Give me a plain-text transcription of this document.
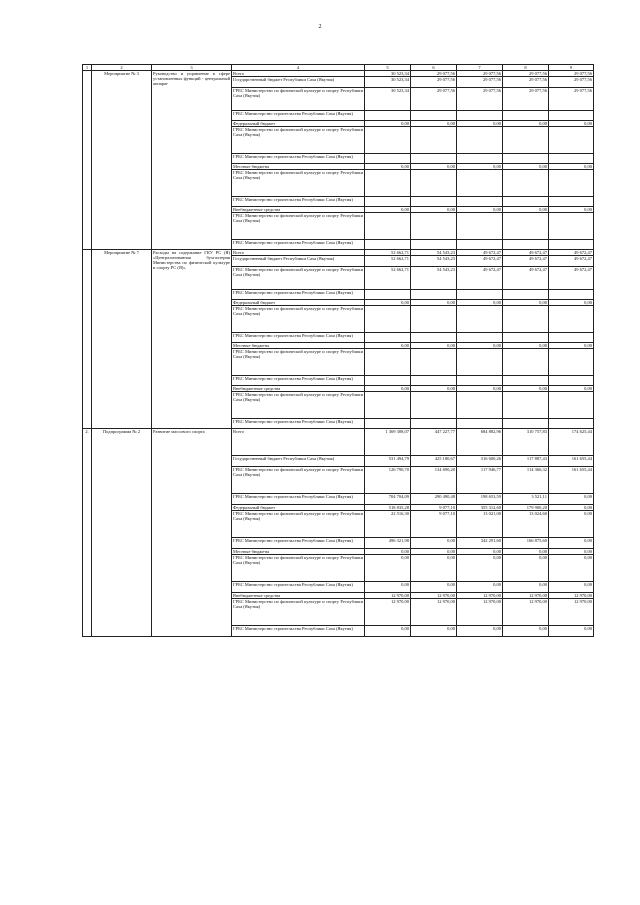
2
1	2	3	4	5	6	7	8	9
	Мероприятие № 3	Руководство и управление в сфере установленных функций - центральный аппарат	Всего	30 523,34	29 077,56	29 077,56	29 077,56	29 077,56
			Государственный бюджет Республики Саха (Якутия)	30 523,34	29 077,56	29 077,56	29 077,56	29 077,56
			ГРБС Министерство по физической культуре и спорту Республики Саха (Якутия)	30 523,34	29 077,56	29 077,56	29 077,56	29 077,56
			ГРБС Министерство строительства Республики Саха (Якутия)					
			Федеральный бюджет	0,00	0,00	0,00	0,00	0,00
			ГРБС Министерство по физической культуре и спорту Республики Саха (Якутия)					
			ГРБС Министерство строительства Республики Саха (Якутия)					
			Местные бюджеты	0,00	0,00	0,00	0,00	0,00
			ГРБС Министерство по физической культуре и спорту Республики Саха (Якутия)					
			ГРБС Министерство строительства Республики Саха (Якутия)					
			Внебюджетные средства	0,00	0,00	0,00	0,00	0,00
			ГРБС Министерство по физической культуре и спорту Республики Саха (Якутия)					
			ГРБС Министерство строительства Республики Саха (Якутия)					
	Мероприятие № 7	Расходы на содержание ГКУ РС (Я) «Централизованная бухгалтерия Министерства по физической культуре и спорту РС (Я)»	Всего	52 662,71	54 543,23	49 672,47	49 672,47	49 672,47
			Государственный бюджет Республики Саха (Якутия)	52 662,71	54 543,23	49 672,47	49 672,47	49 672,47
			ГРБС Министерство по физической культуре и спорту Республики Саха (Якутия)	52 662,71	54 543,23	49 672,47	49 672,47	49 672,47
			ГРБС Министерство строительства Республики Саха (Якутия)					
			Федеральный бюджет	0,00	0,00	0,00	0,00	0,00
			ГРБС Министерство по физической культуре и спорту Республики Саха (Якутия)					
			ГРБС Министерство строительства Республики Саха (Якутия)					
			Местные бюджеты	0,00	0,00	0,00	0,00	0,00
			ГРБС Министерство по физической культуре и спорту Республики Саха (Якутия)					
			ГРБС Министерство строительства Республики Саха (Якутия)					
			Внебюджетные средства	0,00	0,00	0,00	0,00	0,00
			ГРБС Министерство по физической культуре и спорту Республики Саха (Якутия)					
			ГРБС Министерство строительства Республики Саха (Якутия)					
2.	Подпрограмма № 2	Развитие массового спорта	Всего	1 369 308,07	447 227,77	684 882,96	310 757,83	174 625,44
			Государственный бюджет Республики Саха (Якутия)	531 494,79	425 180,67	316 600,26	117 887,43	161 655,44
			ГРБС Министерство по физической культуре и спорту Республики Саха (Якутия)	126 790,70	134 690,20	117 946,77	114 366,32	161 655,44
			ГРБС Министерство строительства Республики Саха (Якутия)	704 704,09	290 490,48	198 653,59	3 521,11	0,00
			Федеральный бюджет	518 835,28	9 077,10	355 312,60	179 900,20	0,00
			ГРБС Министерство по физической культуре и спорту Республики Саха (Якутия)	22 516,30	9 077,10	13 021,00	13 024,60	0,00
			ГРБС Министерство строительства Республики Саха (Якутия)	496 321,98	0,00	342 291,60	166 875,60	0,00
			Местные бюджеты	0,00	0,00	0,00	0,00	0,00
			ГРБС Министерство по физической культуре и спорту Республики Саха (Якутия)	0,00	0,00	0,00	0,00	0,00
			ГРБС Министерство строительства Республики Саха (Якутия)	0,00	0,00	0,00	0,00	0,00
			Внебюджетные средства	12 970,00	12 970,00	12 970,00	12 970,00	12 970,00
			ГРБС Министерство по физической культуре и спорту Республики Саха (Якутия)	12 970,00	12 970,00	12 970,00	12 970,00	12 970,00
			ГРБС Министерство строительства Республики Саха (Якутия)	0,00	0,00	0,00	0,00	0,00
